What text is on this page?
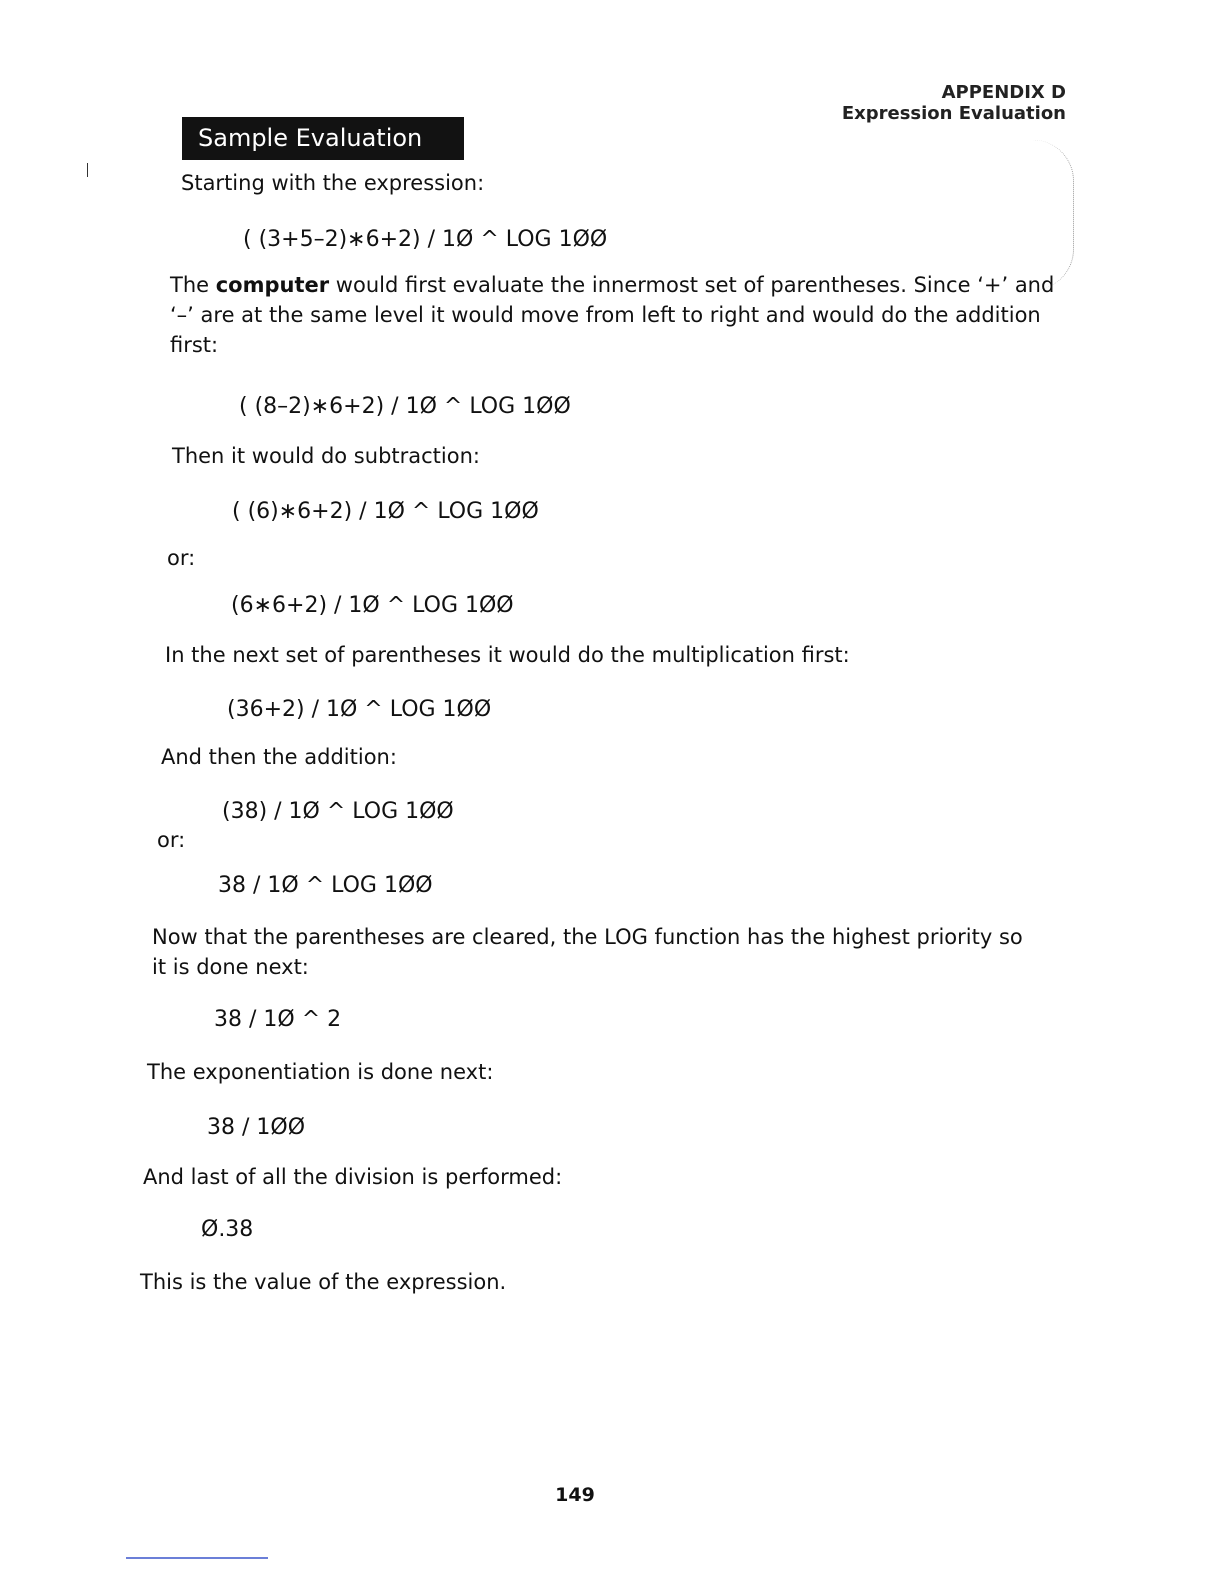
APPENDIX D
Expression Evaluation
Sample Evaluation
Starting with the expression:
( (3+5–2)∗6+2) / 1Ø ^ LOG 1ØØ
The computer would first evaluate the innermost set of parentheses. Since ‘+’ and ‘–’ are at the same level it would move from left to right and would do the addition first:
( (8–2)∗6+2) / 1Ø ^ LOG 1ØØ
Then it would do subtraction:
( (6)∗6+2) / 1Ø ^ LOG 1ØØ
or:
(6∗6+2) / 1Ø ^ LOG 1ØØ
In the next set of parentheses it would do the multiplication first:
(36+2) / 1Ø ^ LOG 1ØØ
And then the addition:
(38) / 1Ø ^ LOG 1ØØ
or:
38 / 1Ø ^ LOG 1ØØ
Now that the parentheses are cleared, the LOG function has the highest priority so it is done next:
38 / 1Ø ^ 2
The exponentiation is done next:
38 / 1ØØ
And last of all the division is performed:
Ø.38
This is the value of the expression.
149
